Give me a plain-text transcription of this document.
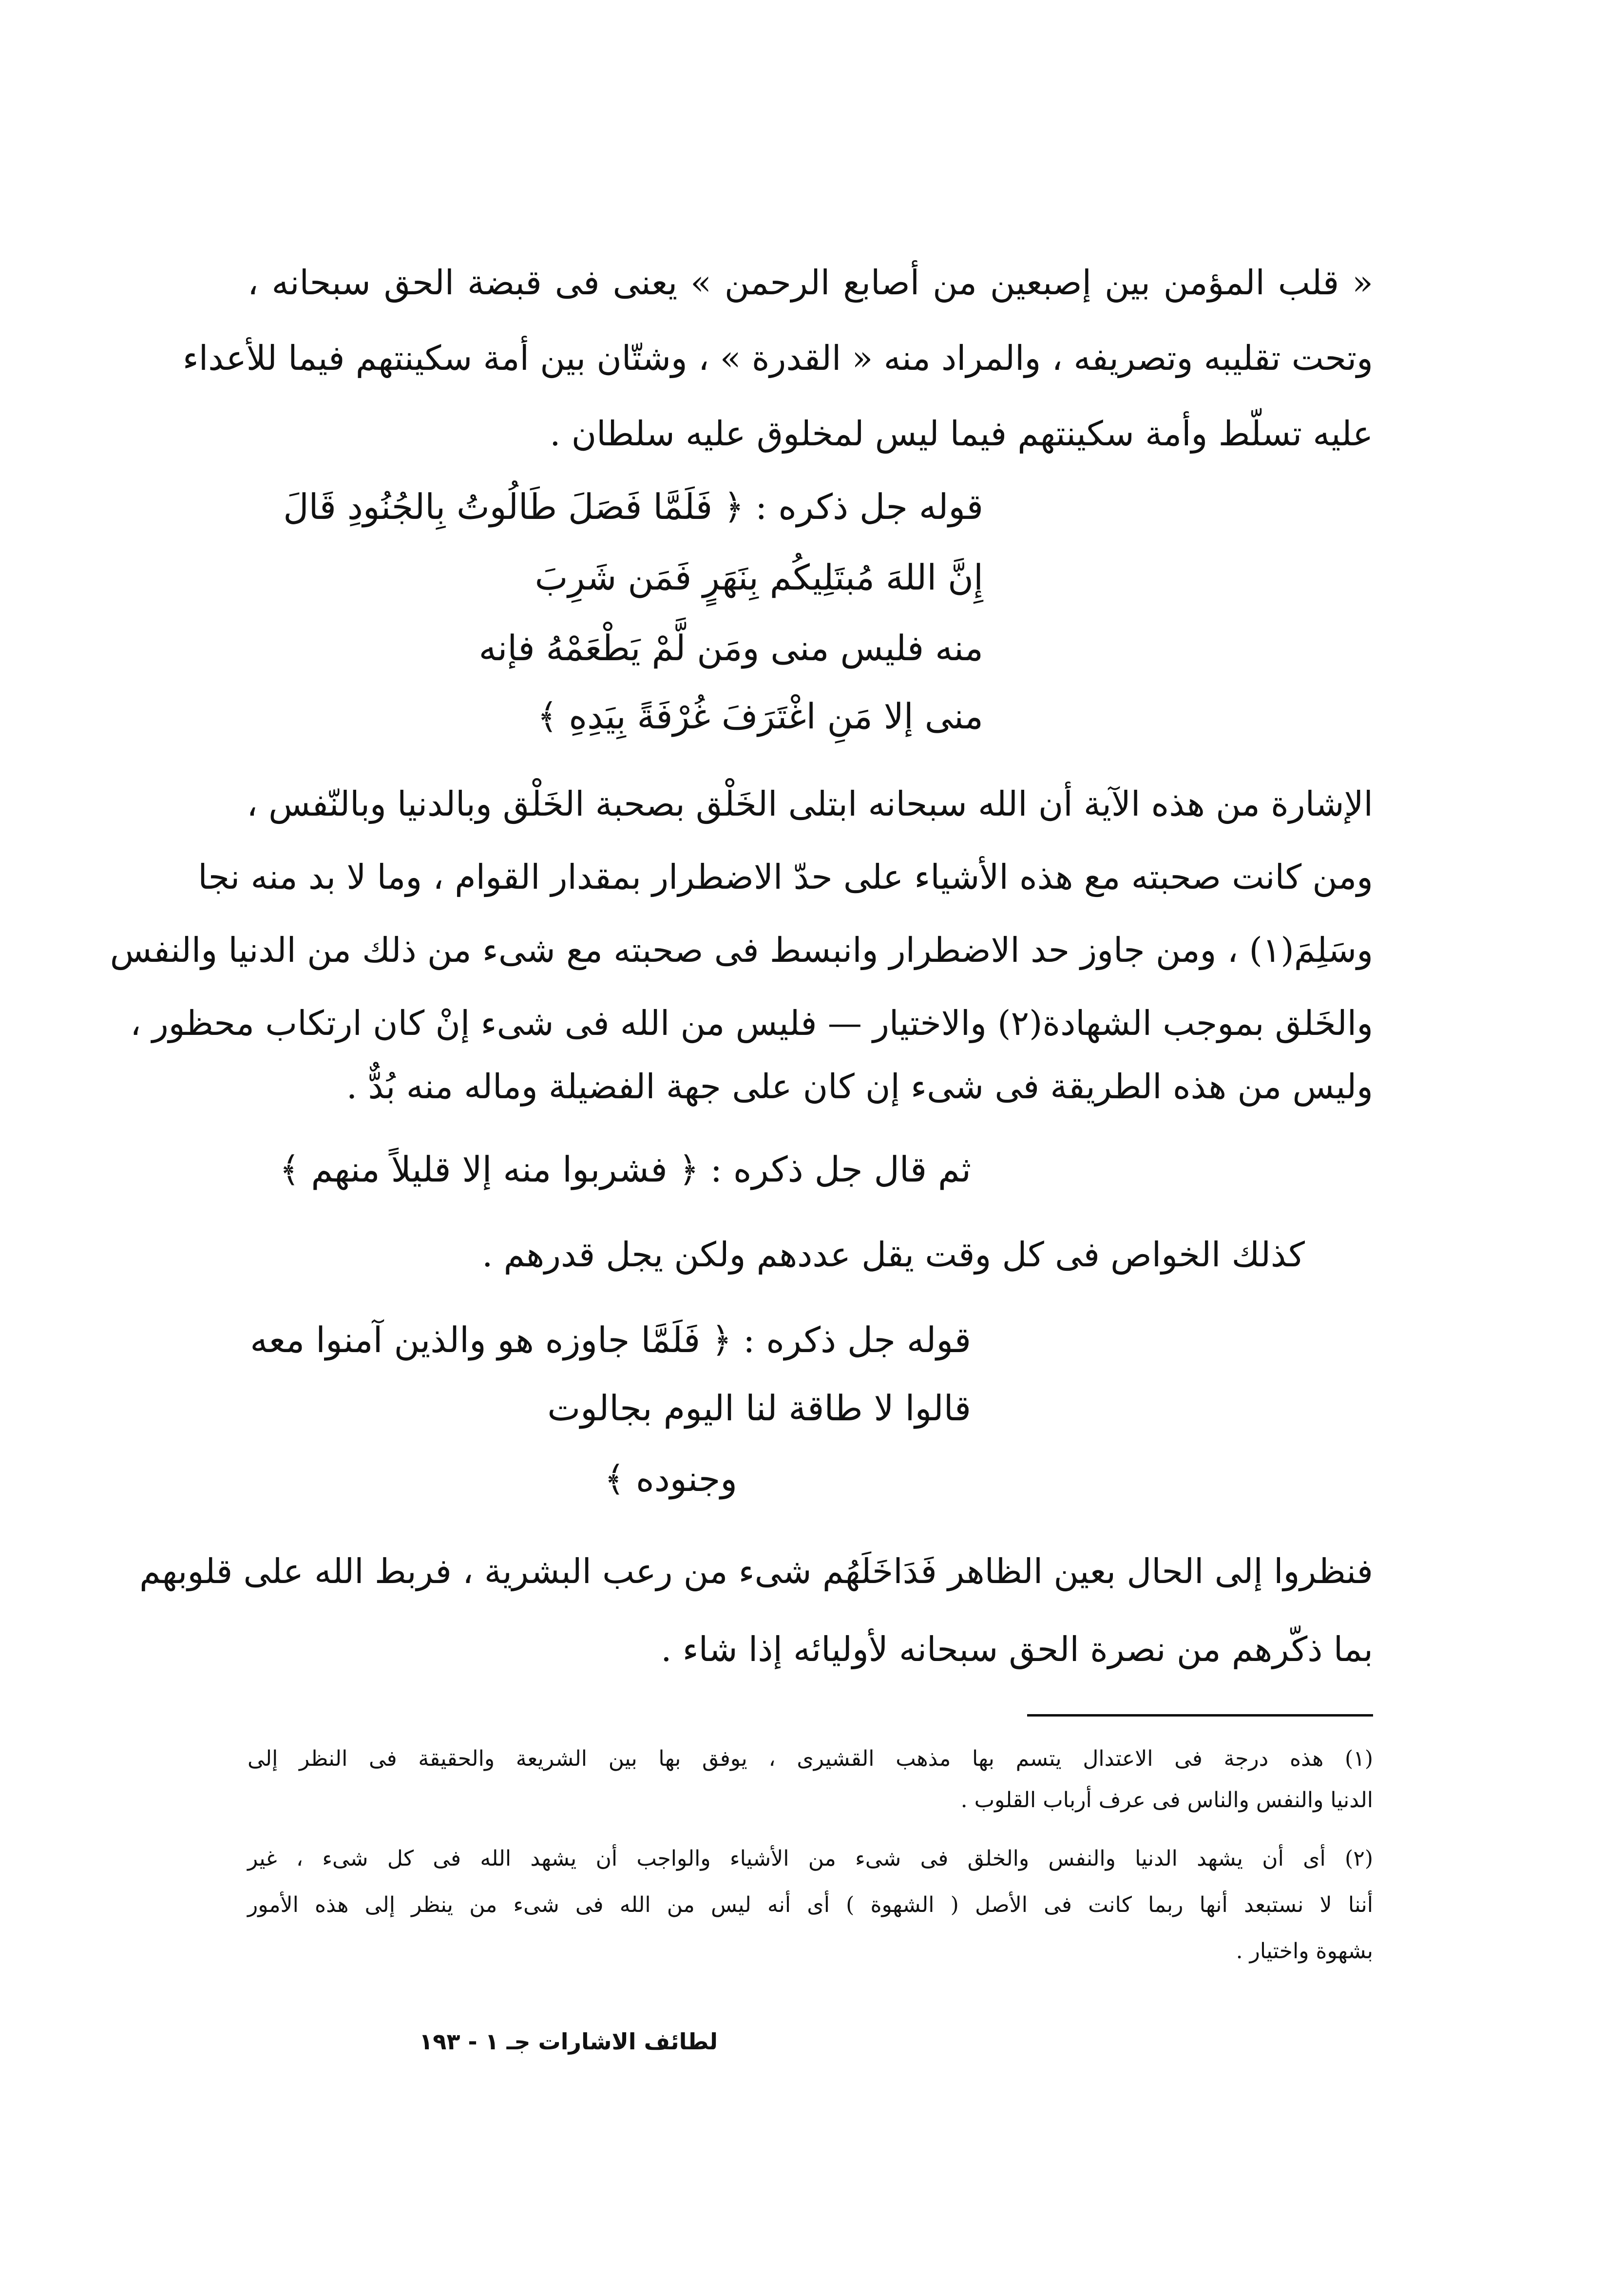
« قلب المؤمن بين إصبعين من أصابع الرحمن » يعنى فى قبضة الحق سبحانه ،
وتحت تقليبه وتصريفه ، والمراد منه « القدرة » ، وشتّان بين أمة سكينتهم فيما للأعداء
عليه تسلّط وأمة سكينتهم فيما ليس لمخلوق عليه سلطان .
قوله جل ذكره : ﴿ فَلَمَّا فَصَلَ طَالُوتُ بِالجُنُودِ قَالَ
إِنَّ اللهَ مُبتَلِيكُم بِنَهَرٍ فَمَن شَرِبَ
منه فليس منى ومَن لَّمْ يَطْعَمْهُ فإنه
منى إلا مَنِ اغْتَرَفَ غُرْفَةً بِيَدِهِ ﴾
الإشارة من هذه الآية أن الله سبحانه ابتلى الخَلْق بصحبة الخَلْق وبالدنيا وبالنّفس ،
ومن كانت صحبته مع هذه الأشياء على حدّ الاضطرار بمقدار القوام ، وما لا بد منه نجا
وسَلِمَ(١) ، ومن جاوز حد الاضطرار وانبسط فى صحبته مع شىء من ذلك من الدنيا والنفس
والخَلق بموجب الشهادة(٢) والاختيار — فليس من الله فى شىء إنْ كان ارتكاب محظور ،
وليس من هذه الطريقة فى شىء إن كان على جهة الفضيلة وماله منه بُدٌّ .
ثم قال جل ذكره : ﴿ فشربوا منه إلا قليلاً منهم ﴾
كذلك الخواص فى كل وقت يقل عددهم ولكن يجل قدرهم .
قوله جل ذكره : ﴿ فَلَمَّا جاوزه هو والذين آمنوا معه
قالوا لا طاقة لنا اليوم بجالوت
وجنوده ﴾
فنظروا إلى الحال بعين الظاهر فَدَاخَلَهُم شىء من رعب البشرية ، فربط الله على قلوبهم
بما ذكّرهم من نصرة الحق سبحانه لأوليائه إذا شاء .
(١) هذه درجة فى الاعتدال يتسم بها مذهب القشيرى ، يوفق بها بين الشريعة والحقيقة فى النظر إلى
الدنيا والنفس والناس فى عرف أرباب القلوب .
(٢) أى أن يشهد الدنيا والنفس والخلق فى شىء من الأشياء والواجب أن يشهد الله فى كل شىء ، غير
أننا لا نستبعد أنها ربما كانت فى الأصل ( الشهوة ) أى أنه ليس من الله فى شىء من ينظر إلى هذه الأمور
بشهوة واختيار .
لطائف الاشارات جـ ١ - ١٩٣
